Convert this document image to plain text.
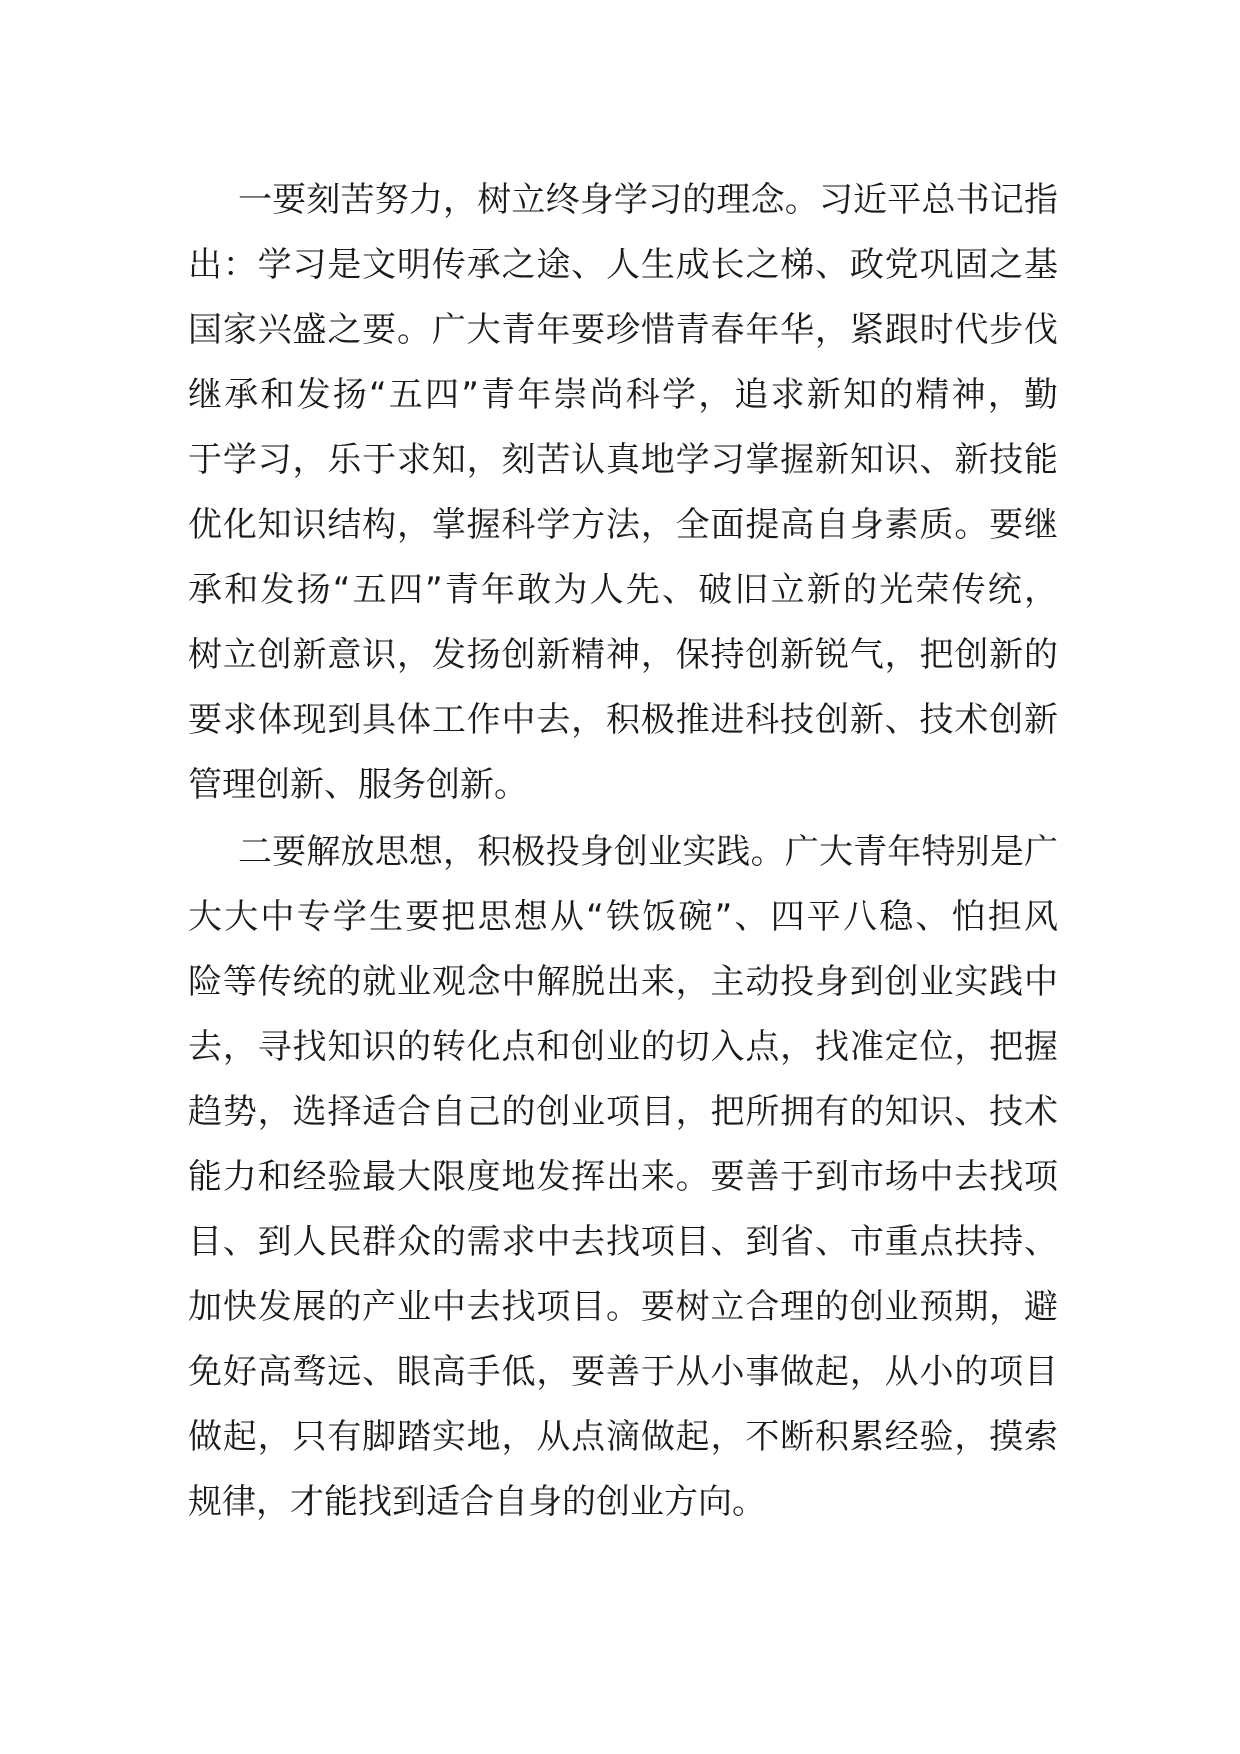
一要刻苦努力，树立终身学习的理念。习近平总书记指
出：学习是文明传承之途、人生成长之梯、政党巩固之基
国家兴盛之要。广大青年要珍惜青春年华，紧跟时代步伐
继承和发扬“五四”青年崇尚科学，追求新知的精神，勤
于学习，乐于求知，刻苦认真地学习掌握新知识、新技能
优化知识结构，掌握科学方法，全面提高自身素质。要继
承和发扬“五四”青年敢为人先、破旧立新的光荣传统，
树立创新意识，发扬创新精神，保持创新锐气，把创新的
要求体现到具体工作中去，积极推进科技创新、技术创新
管理创新、服务创新。
二要解放思想，积极投身创业实践。广大青年特别是广
大大中专学生要把思想从“铁饭碗”、四平八稳、怕担风
险等传统的就业观念中解脱出来，主动投身到创业实践中
去，寻找知识的转化点和创业的切入点，找准定位，把握
趋势，选择适合自己的创业项目，把所拥有的知识、技术
能力和经验最大限度地发挥出来。要善于到市场中去找项
目、到人民群众的需求中去找项目、到省、市重点扶持、
加快发展的产业中去找项目。要树立合理的创业预期，避
免好高骛远、眼高手低，要善于从小事做起，从小的项目
做起，只有脚踏实地，从点滴做起，不断积累经验，摸索
规律，才能找到适合自身的创业方向。
